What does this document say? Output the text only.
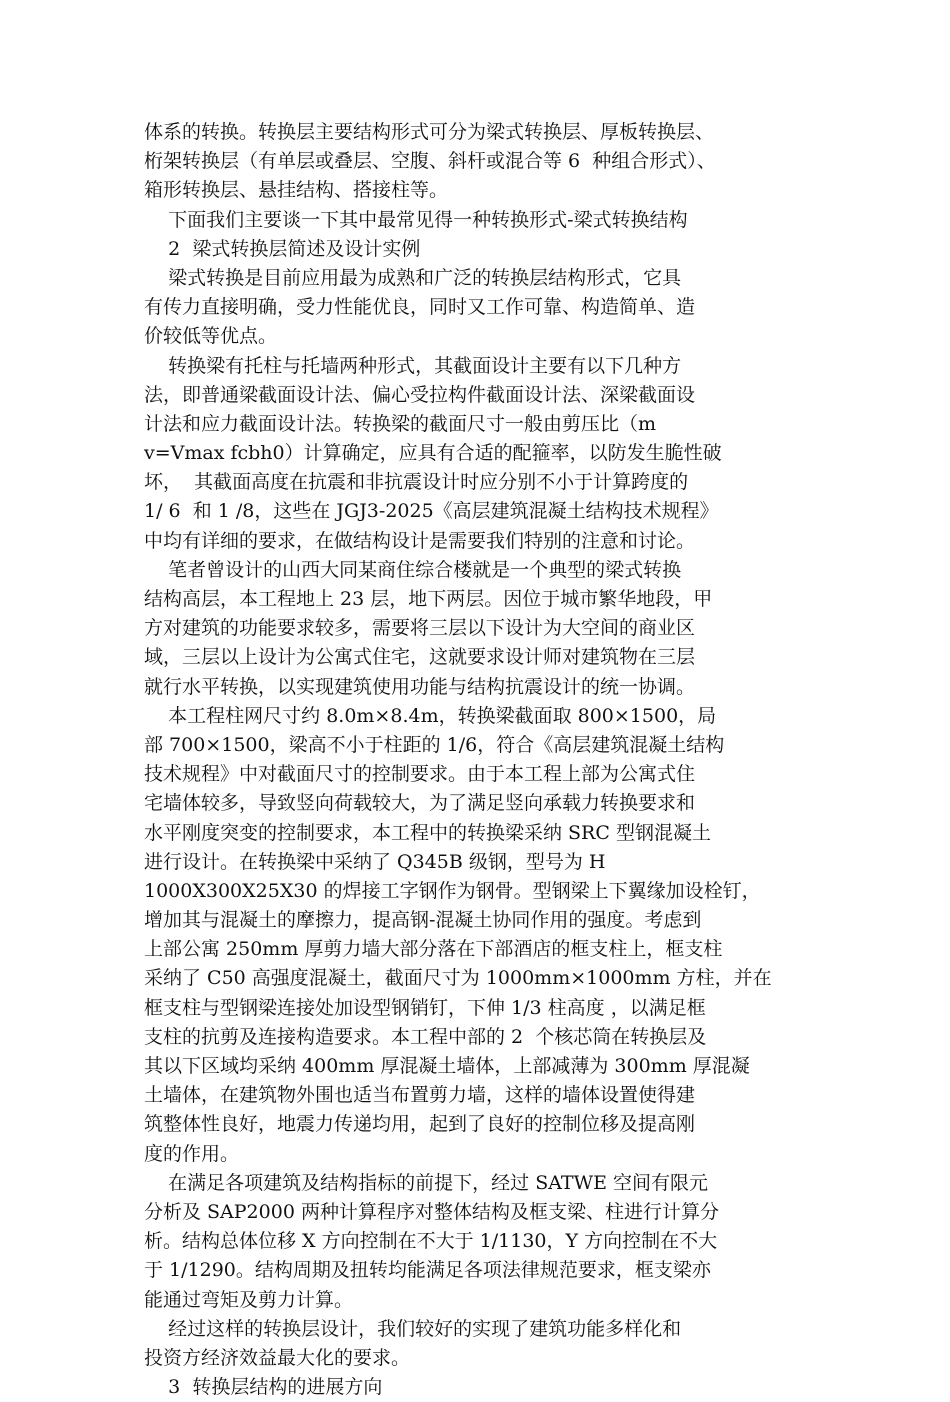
体系的转换。转换层主要结构形式可分为梁式转换层、厚板转换层、
桁架转换层（有单层或叠层、空腹、斜杆或混合等 6  种组合形式）、
箱形转换层、悬挂结构、搭接柱等。
下面我们主要谈一下其中最常见得一种转换形式-梁式转换结构
2  梁式转换层简述及设计实例
梁式转换是目前应用最为成熟和广泛的转换层结构形式，它具
有传力直接明确，受力性能优良，同时又工作可靠、构造简单、造
价较低等优点。
转换梁有托柱与托墙两种形式，其截面设计主要有以下几种方
法，即普通梁截面设计法、偏心受拉构件截面设计法、深梁截面设
计法和应力截面设计法。转换梁的截面尺寸一般由剪压比（m
v=Vmax fcbh0）计算确定，应具有合适的配箍率，以防发生脆性破
坏，  其截面高度在抗震和非抗震设计时应分别不小于计算跨度的
1/ 6  和 1 /8，这些在 JGJ3-2025《高层建筑混凝土结构技术规程》
中均有详细的要求，在做结构设计是需要我们特别的注意和讨论。
笔者曾设计的山西大同某商住综合楼就是一个典型的梁式转换
结构高层，本工程地上 23 层，地下两层。因位于城市繁华地段，甲
方对建筑的功能要求较多，需要将三层以下设计为大空间的商业区
域，三层以上设计为公寓式住宅，这就要求设计师对建筑物在三层
就行水平转换，以实现建筑使用功能与结构抗震设计的统一协调。
本工程柱网尺寸约 8.0m×8.4m，转换梁截面取 800×1500，局
部 700×1500，梁高不小于柱距的 1/6，符合《高层建筑混凝土结构
技术规程》中对截面尺寸的控制要求。由于本工程上部为公寓式住
宅墙体较多，导致竖向荷载较大，为了满足竖向承载力转换要求和
水平刚度突变的控制要求，本工程中的转换梁采纳 SRC 型钢混凝土
进行设计。在转换梁中采纳了 Q345B 级钢，型号为 H
1000X300X25X30 的焊接工字钢作为钢骨。型钢梁上下翼缘加设栓钉，
增加其与混凝土的摩擦力，提高钢-混凝土协同作用的强度。考虑到
上部公寓 250mm 厚剪力墙大部分落在下部酒店的框支柱上，框支柱
采纳了 C50 高强度混凝土，截面尺寸为 1000mm×1000mm 方柱，并在
框支柱与型钢梁连接处加设型钢销钉，下伸 1/3 柱高度 ，以满足框
支柱的抗剪及连接构造要求。本工程中部的 2  个核芯筒在转换层及
其以下区域均采纳 400mm 厚混凝土墙体，上部减薄为 300mm 厚混凝
土墙体，在建筑物外围也适当布置剪力墙，这样的墙体设置使得建
筑整体性良好，地震力传递均用，起到了良好的控制位移及提高刚
度的作用。
在满足各项建筑及结构指标的前提下，经过 SATWE 空间有限元
分析及 SAP2000 两种计算程序对整体结构及框支梁、柱进行计算分
析。结构总体位移 X 方向控制在不大于 1/1130，Y 方向控制在不大
于 1/1290。结构周期及扭转均能满足各项法律规范要求，框支梁亦
能通过弯矩及剪力计算。
经过这样的转换层设计，我们较好的实现了建筑功能多样化和
投资方经济效益最大化的要求。
3  转换层结构的进展方向
